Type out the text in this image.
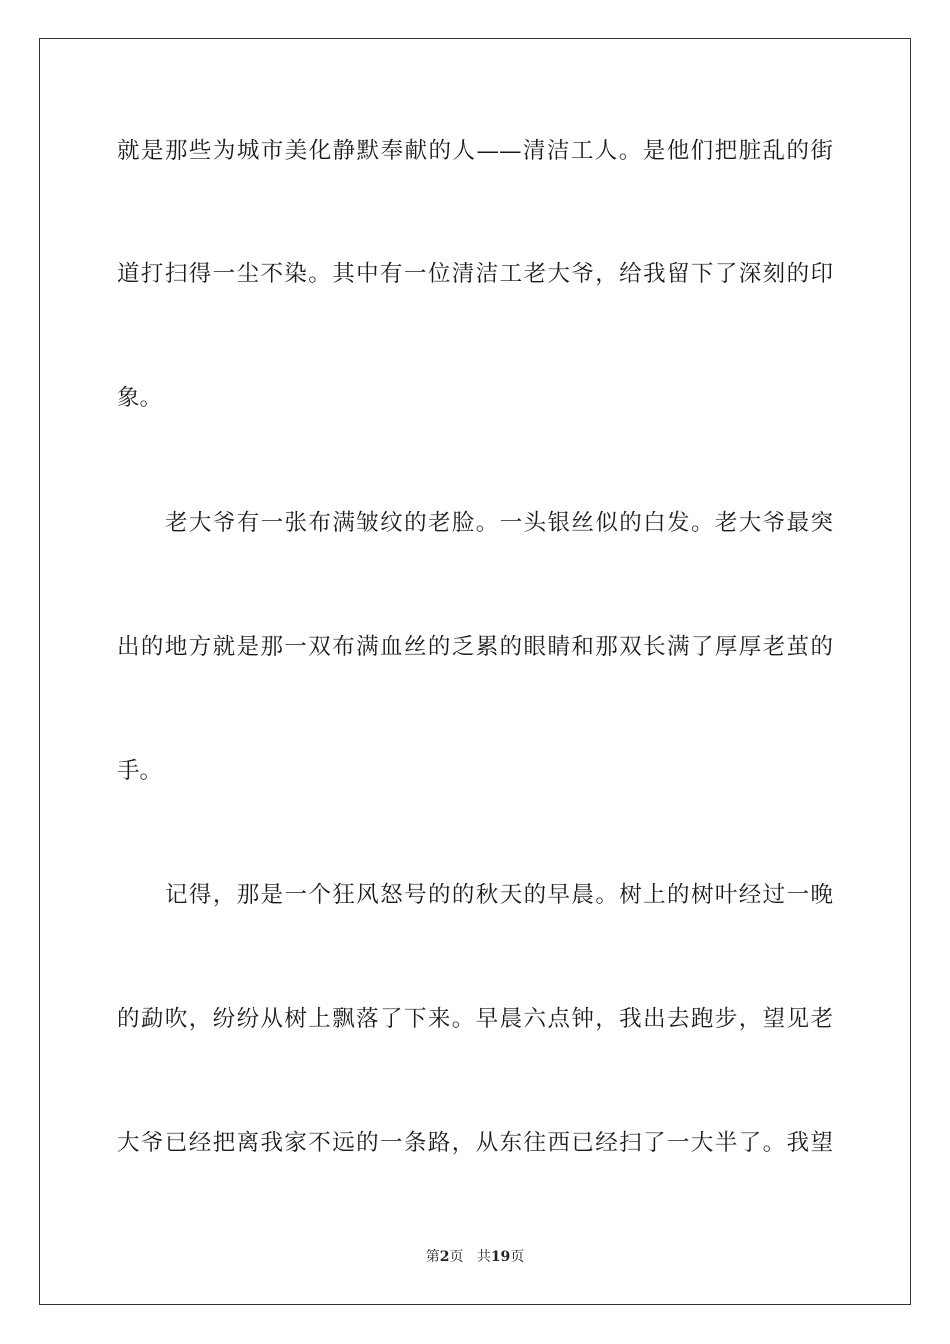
就是那些为城市美化静默奉献的人——清洁工人。是他们把脏乱的街
道打扫得一尘不染。其中有一位清洁工老大爷，给我留下了深刻的印
象。
老大爷有一张布满皱纹的老脸。一头银丝似的白发。老大爷最突
出的地方就是那一双布满血丝的乏累的眼睛和那双长满了厚厚老茧的
手。
记得，那是一个狂风怒号的的秋天的早晨。树上的树叶经过一晚
的勐吹，纷纷从树上飘落了下来。早晨六点钟，我出去跑步，望见老
大爷已经把离我家不远的一条路，从东往西已经扫了一大半了。我望
第2页 共19页
